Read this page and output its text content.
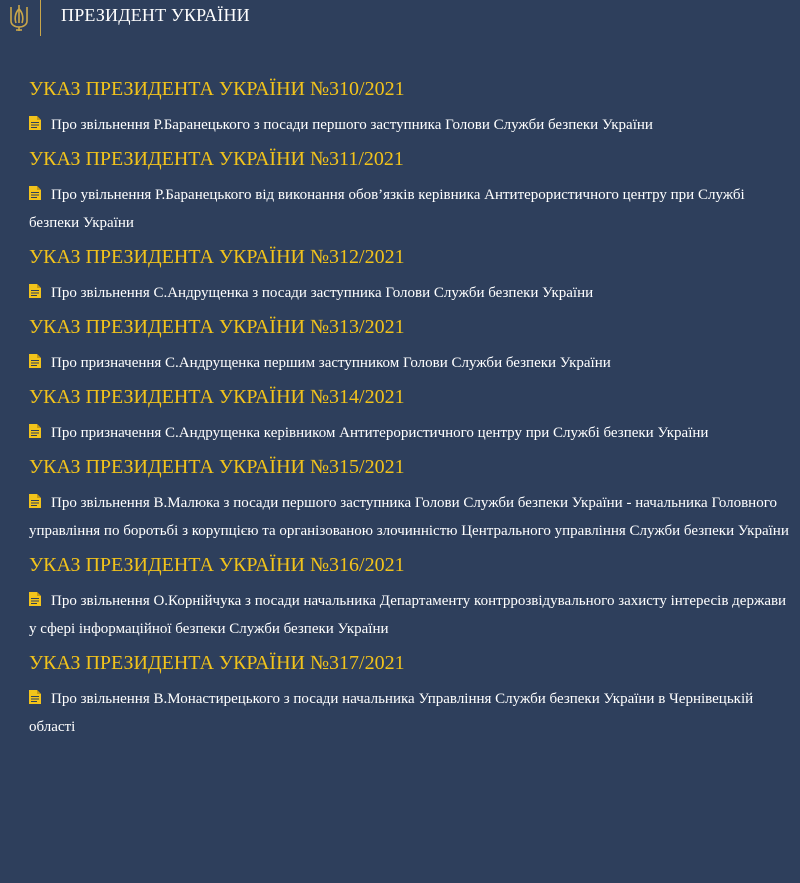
ПРЕЗИДЕНТ УКРАЇНИ
УКАЗ ПРЕЗИДЕНТА УКРАЇНИ №310/2021
Про звільнення Р.Баранецького з посади першого заступника Голови Служби безпеки України
УКАЗ ПРЕЗИДЕНТА УКРАЇНИ №311/2021
Про увільнення Р.Баранецького від виконання обов’язків керівника Антитерористичного центру при Службі безпеки України
УКАЗ ПРЕЗИДЕНТА УКРАЇНИ №312/2021
Про звільнення С.Андрущенка з посади заступника Голови Служби безпеки України
УКАЗ ПРЕЗИДЕНТА УКРАЇНИ №313/2021
Про призначення С.Андрущенка першим заступником Голови Служби безпеки України
УКАЗ ПРЕЗИДЕНТА УКРАЇНИ №314/2021
Про призначення С.Андрущенка керівником Антитерористичного центру при Службі безпеки України
УКАЗ ПРЕЗИДЕНТА УКРАЇНИ №315/2021
Про звільнення В.Малюка з посади першого заступника Голови Служби безпеки України - начальника Головного управління по боротьбі з корупцією та організованою злочинністю Центрального управління Служби безпеки України
УКАЗ ПРЕЗИДЕНТА УКРАЇНИ №316/2021
Про звільнення О.Корнійчука з посади начальника Департаменту контррозвідувального захисту інтересів держави у сфері інформаційної безпеки Служби безпеки України
УКАЗ ПРЕЗИДЕНТА УКРАЇНИ №317/2021
Про звільнення В.Монастирецького з посади начальника Управління Служби безпеки України в Чернівецькій області
